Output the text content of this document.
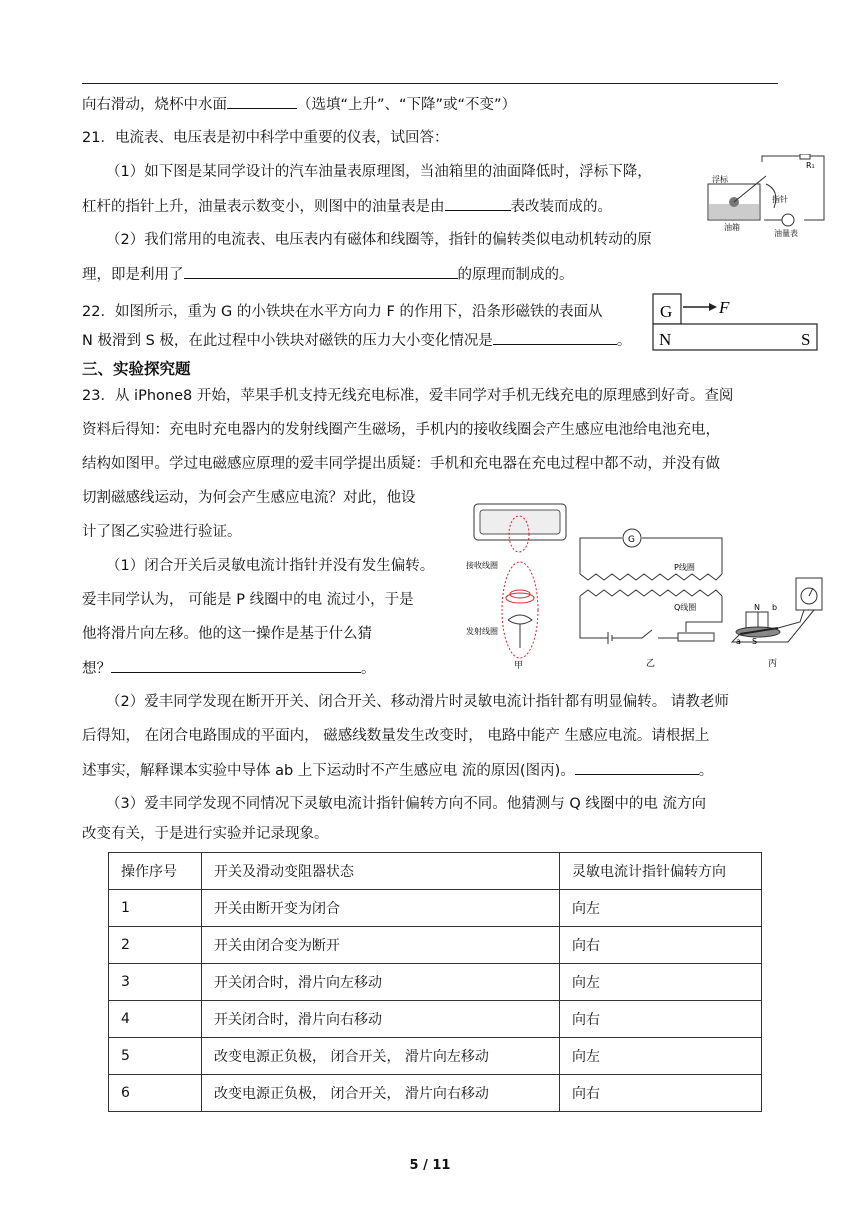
向右滑动，烧杯中水面	（选填“上升”、“下降”或“不变”）
21．电流表、电压表是初中科学中重要的仪表，试回答：
（1）如下图是某同学设计的汽车油量表原理图，当油箱里的油面降低时，浮标下降，
杠杆的指针上升，油量表示数变小，则图中的油量表是由	表改装而成的。
（2）我们常用的电流表、电压表内有磁体和线圈等，指针的偏转类似电动机转动的原
理，即是利用了	的原理而制成的。
浮标
指针
油箱
油量表
R₁
22．如图所示，重为 G 的小铁块在水平方向力 F 的作用下，沿条形磁铁的表面从
N 极滑到 S 极，在此过程中小铁块对磁铁的压力大小变化情况是	。
G	F
N	S
三、实验探究题
23．从 iPhone8 开始，苹果手机支持无线充电标准，爱丰同学对手机无线充电的原理感到好奇。查阅
资料后得知：充电时充电器内的发射线圈产生磁场，手机内的接收线圈会产生感应电池给电池充电，
结构如图甲。学过电磁感应原理的爱丰同学提出质疑：手机和充电器在充电过程中都不动，并没有做
切割磁感线运动，为何会产生感应电流？对此，他设
计了图乙实验进行验证。
（1）闭合开关后灵敏电流计指针并没有发生偏转。
爱丰同学认为， 可能是 P 线圈中的电 流过小，于是
他将滑片向左移。他的这一操作是基于什么猜
想？	。
接收线圈
发射线圈
甲
G
P线圈
Q线圈
乙
N b
a S
丙
（2）爱丰同学发现在断开开关、闭合开关、移动滑片时灵敏电流计指针都有明显偏转。 请教老师
后得知， 在闭合电路围成的平面内， 磁感线数量发生改变时， 电路中能产 生感应电流。请根据上
述事实，解释课本实验中导体 ab 上下运动时不产生感应电 流的原因(图丙)。	。
（3）爱丰同学发现不同情况下灵敏电流计指针偏转方向不同。他猜测与 Q 线圈中的电 流方向
改变有关，于是进行实验并记录现象。
操作序号	开关及滑动变阻器状态	灵敏电流计指针偏转方向
1	开关由断开变为闭合	向左
2	开关由闭合变为断开	向右
3	开关闭合时，滑片向左移动	向左
4	开关闭合时，滑片向右移动	向右
5	改变电源正负极， 闭合开关， 滑片向左移动	向左
6	改变电源正负极， 闭合开关， 滑片向右移动	向右
5 / 11
